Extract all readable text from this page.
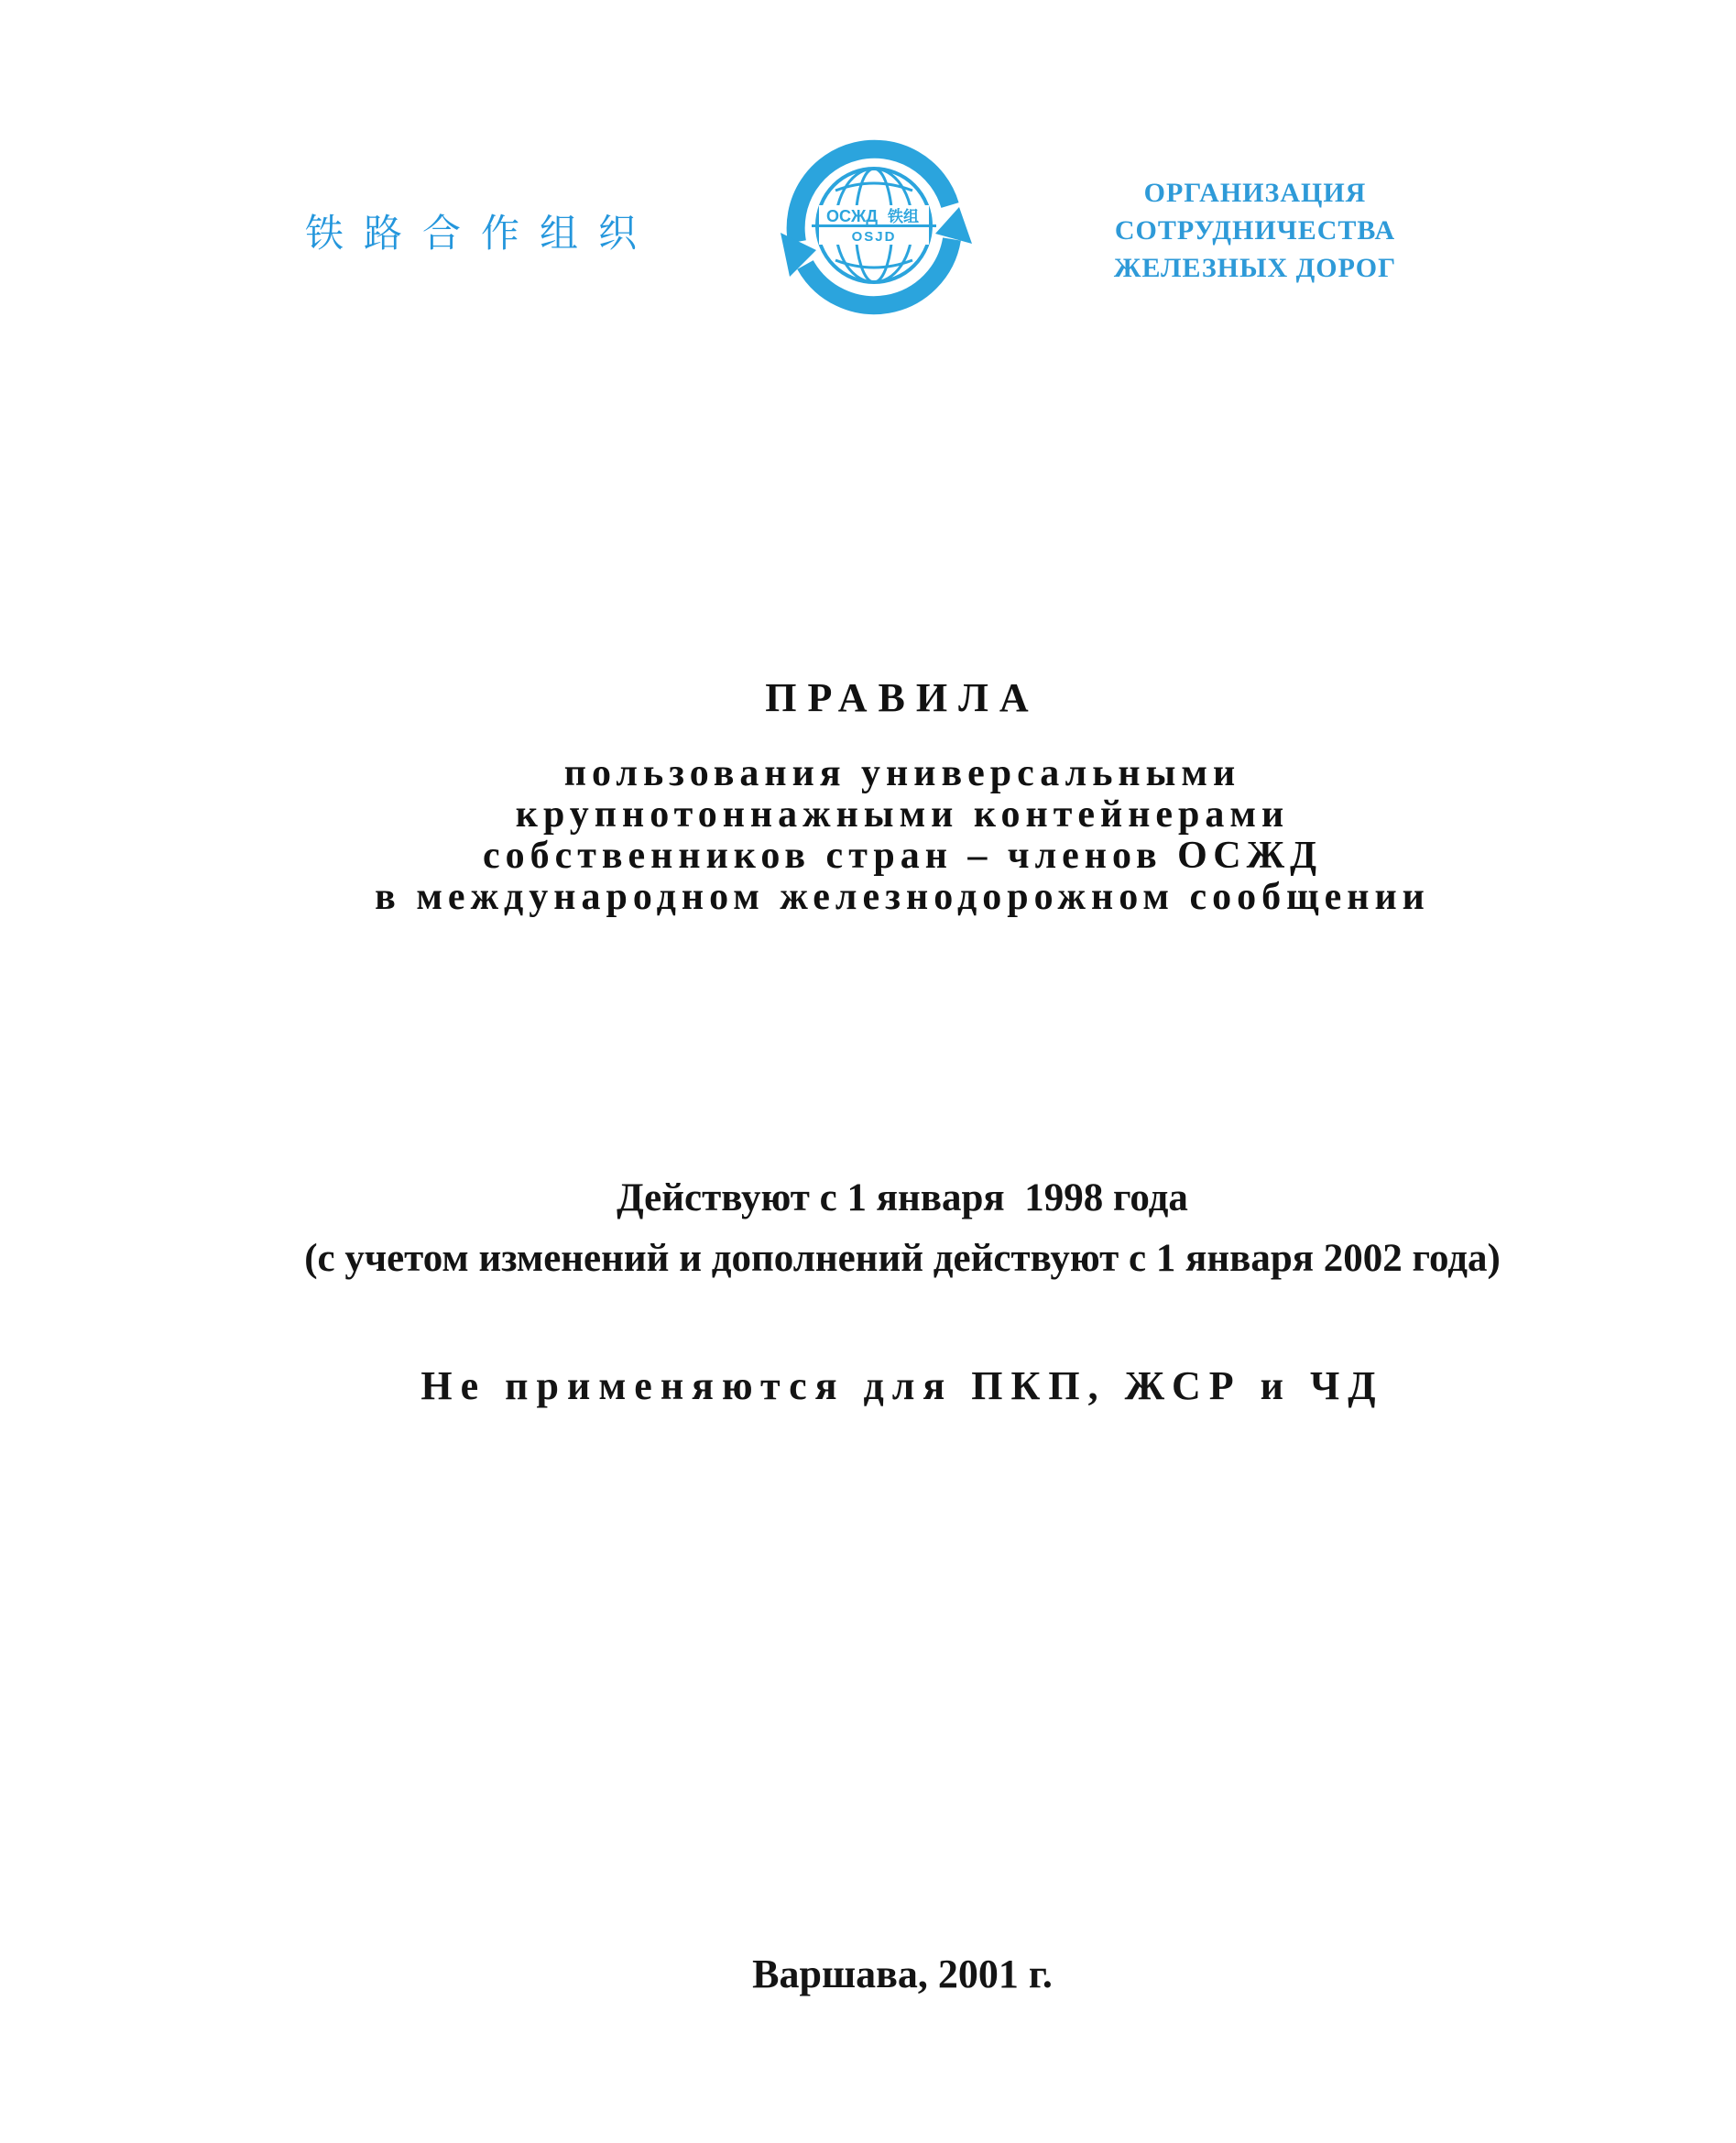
铁路合作组织	ОСЖД 铁组
OSJD
ОРГАНИЗАЦИЯ
СОТРУДНИЧЕСТВА
ЖЕЛЕЗНЫХ ДОРОГ
ПРАВИЛА
пользования универсальными
крупнотоннажными контейнерами
собственников стран – членов ОСЖД
в международном железнодорожном сообщении

Действуют с 1 января  1998 года

(с учетом изменений и дополнений действуют с 1 января 2002 года)

Не применяются для ПКП, ЖСР и ЧД

Варшава, 2001 г.
